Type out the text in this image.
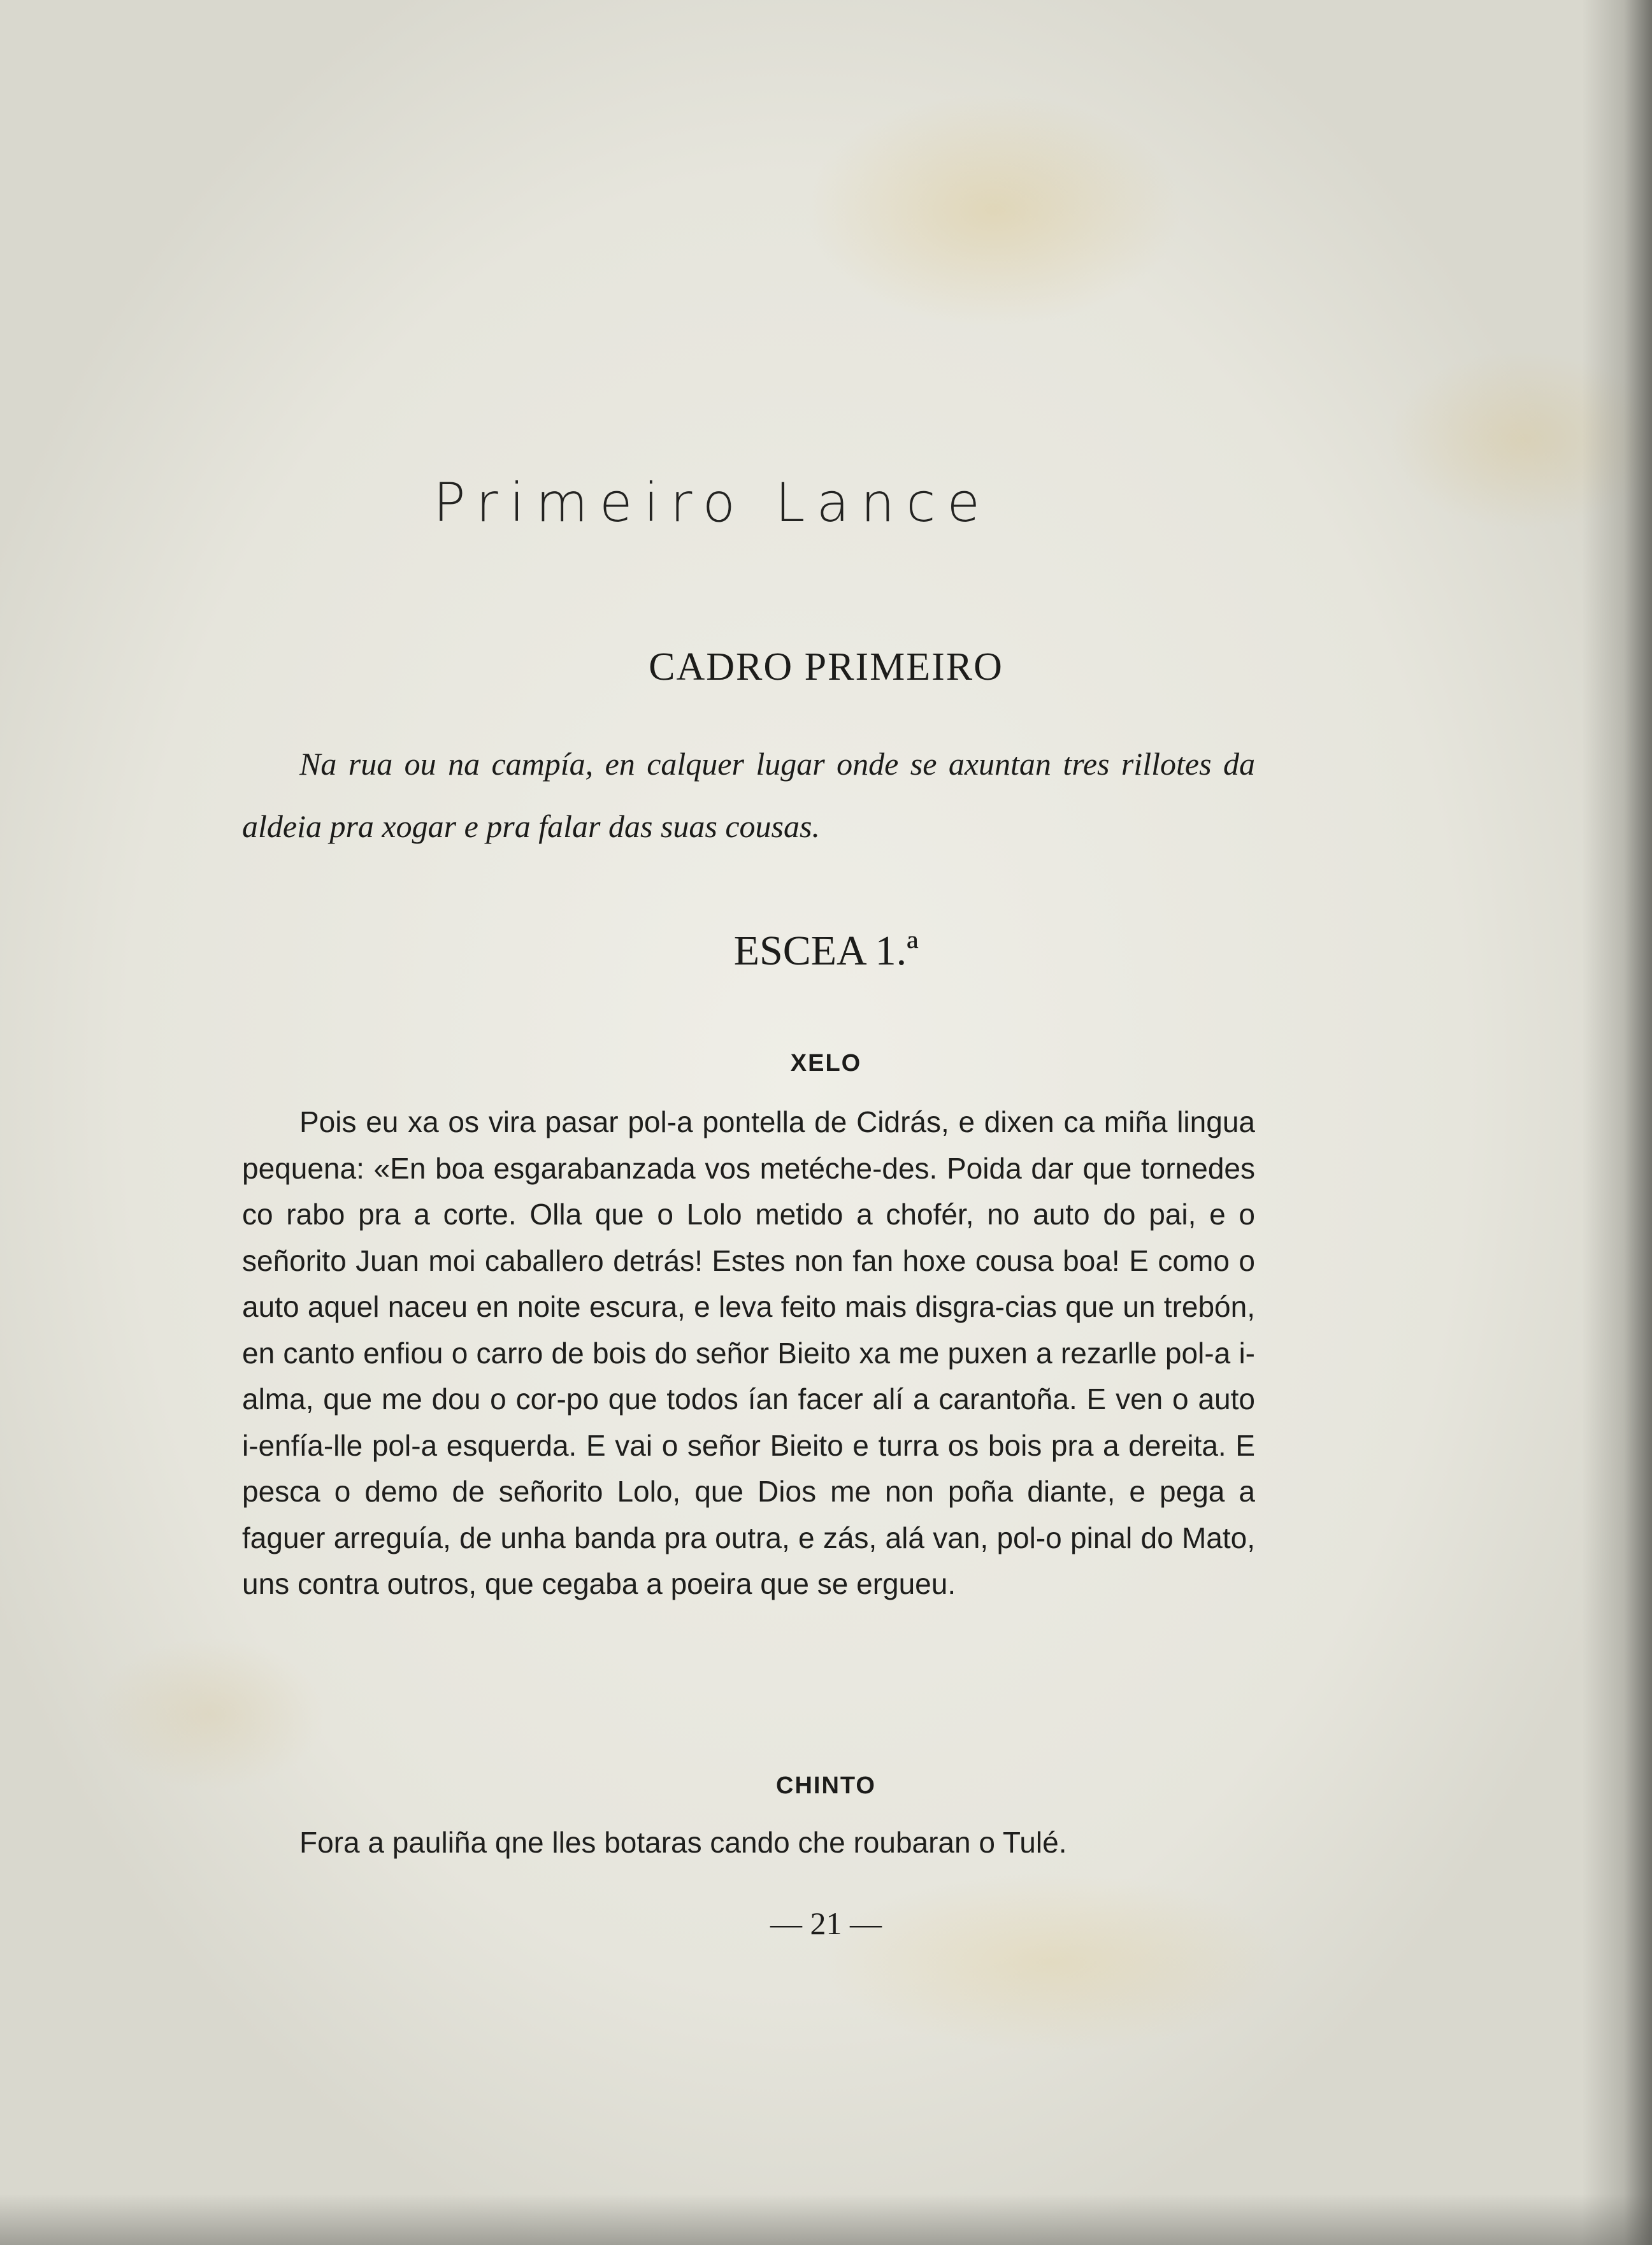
Primeiro Lance
CADRO PRIMEIRO

Na rua ou na campía, en calquer lugar onde se axuntan tres rillotes da aldeia pra xogar e pra falar das suas cousas.

ESCEA 1.ª
XELO

Pois eu xa os vira pasar pol-a pontella de Cidrás, e dixen ca miña lingua pequena: «En boa esgarabanzada vos metéche-des. Poida dar que tornedes co rabo pra a corte. Olla que o Lolo metido a chofér, no auto do pai, e o señorito Juan moi caballero detrás! Estes non fan hoxe cousa boa! E como o auto aquel naceu en noite escura, e leva feito mais disgra-cias que un trebón, en canto enfiou o carro de bois do señor Bieito xa me puxen a rezarlle pol-a i-alma, que me dou o cor-po que todos ían facer alí a carantoña. E ven o auto i-enfía-lle pol-a esquerda. E vai o señor Bieito e turra os bois pra a dereita. E pesca o demo de señorito Lolo, que Dios me non poña diante, e pega a faguer arreguía, de unha banda pra outra, e zás, alá van, pol-o pinal do Mato, uns contra outros, que cegaba a poeira que se ergueu.

CHINTO

Fora a pauliña qne lles botaras cando che roubaran o Tulé.

— 21 —
